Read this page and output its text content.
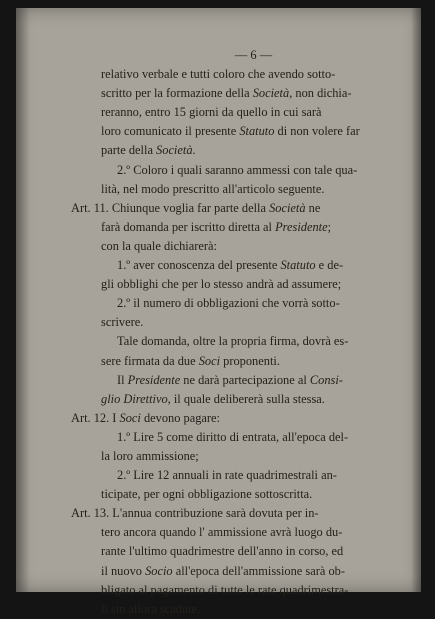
— 6 —
relativo verbale e tutti coloro che avendo sotto-
scritto per la formazione della Società, non dichia-
reranno, entro 15 giorni da quello in cui sarà
loro comunicato il presente Statuto di non volere far
parte della Società.
2.º Coloro i quali saranno ammessi con tale qua-
lità, nel modo prescritto all'articolo seguente.
Art. 11. Chiunque voglia far parte della Società ne
farà domanda per iscritto diretta al Presidente;
con la quale dichiarerà:
1.º aver conoscenza del presente Statuto e de-
gli obblighi che per lo stesso andrà ad assumere;
2.º il numero di obbligazioni che vorrà sotto-
scrivere.
Tale domanda, oltre la propria firma, dovrà es-
sere firmata da due Soci proponenti.
Il Presidente ne darà partecipazione al Consi-
glio Direttivo, il quale delibererà sulla stessa.
Art. 12. I Soci devono pagare:
1.º Lire 5 come diritto di entrata, all'epoca del-
la loro ammissione;
2.º Lire 12 annuali in rate quadrimestrali an-
ticipate, per ogni obbligazione sottoscritta.
Art. 13. L'annua contribuzione sarà dovuta per in-
tero ancora quando l' ammissione avrà luogo du-
rante l'ultimo quadrimestre dell'anno in corso, ed
il nuovo Socio all'epoca dell'ammissione sarà ob-
bligato al pagamento di tutte le rate quadrimestra-
li sin allora scadute.
